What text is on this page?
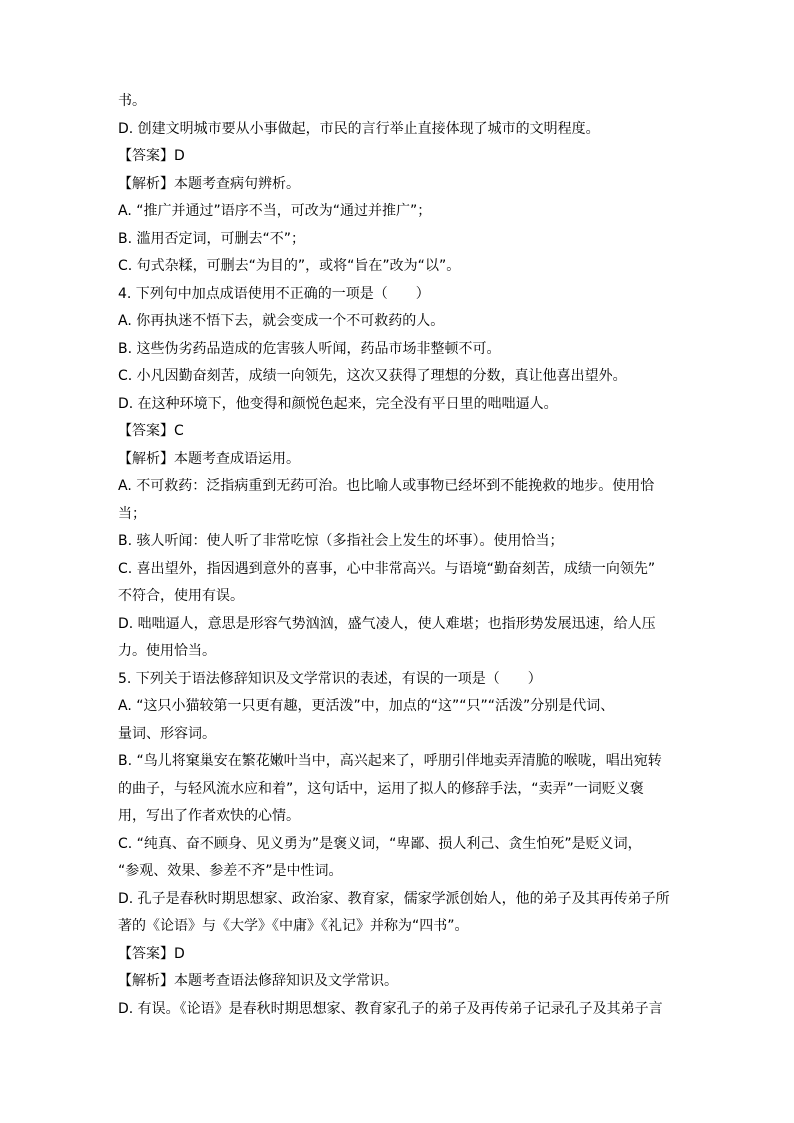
书。
D. 创建文明城市要从小事做起，市民的言行举止直接体现了城市的文明程度。
【答案】D
【解析】本题考查病句辨析。
A. “推广并通过”语序不当，可改为“通过并推广”；
B. 滥用否定词，可删去“不”；
C. 句式杂糅，可删去“为目的”，或将“旨在”改为“以”。
4. 下列句中加点成语使用不正确的一项是（　　）
A. 你再执迷不悟下去，就会变成一个不可救药的人。
B. 这些伪劣药品造成的危害骇人听闻，药品市场非整顿不可。
C. 小凡因勤奋刻苦，成绩一向领先，这次又获得了理想的分数，真让他喜出望外。
D. 在这种环境下，他变得和颜悦色起来，完全没有平日里的咄咄逼人。
【答案】C
【解析】本题考查成语运用。
A. 不可救药：泛指病重到无药可治。也比喻人或事物已经坏到不能挽救的地步。使用恰
当；
B. 骇人听闻：使人听了非常吃惊（多指社会上发生的坏事）。使用恰当；
C. 喜出望外，指因遇到意外的喜事，心中非常高兴。与语境“勤奋刻苦，成绩一向领先”
不符合，使用有误。
D. 咄咄逼人，意思是形容气势汹汹，盛气凌人，使人难堪；也指形势发展迅速，给人压
力。使用恰当。
5. 下列关于语法修辞知识及文学常识的表述，有误的一项是（　　）
A. “这只小猫较第一只更有趣，更活泼”中，加点的“这”“只”“活泼”分别是代词、
量词、形容词。
B. “鸟儿将窠巢安在繁花嫩叶当中，高兴起来了，呼朋引伴地卖弄清脆的喉咙，唱出宛转
的曲子，与轻风流水应和着”，这句话中，运用了拟人的修辞手法，“卖弄”一词贬义褒
用，写出了作者欢快的心情。
C. “纯真、奋不顾身、见义勇为”是褒义词，“卑鄙、损人利己、贪生怕死”是贬义词，
“参观、效果、参差不齐”是中性词。
D. 孔子是春秋时期思想家、政治家、教育家，儒家学派创始人，他的弟子及其再传弟子所
著的《论语》与《大学》《中庸》《礼记》并称为“四书”。
【答案】D
【解析】本题考查语法修辞知识及文学常识。
D. 有误。《论语》是春秋时期思想家、教育家孔子的弟子及再传弟子记录孔子及其弟子言
